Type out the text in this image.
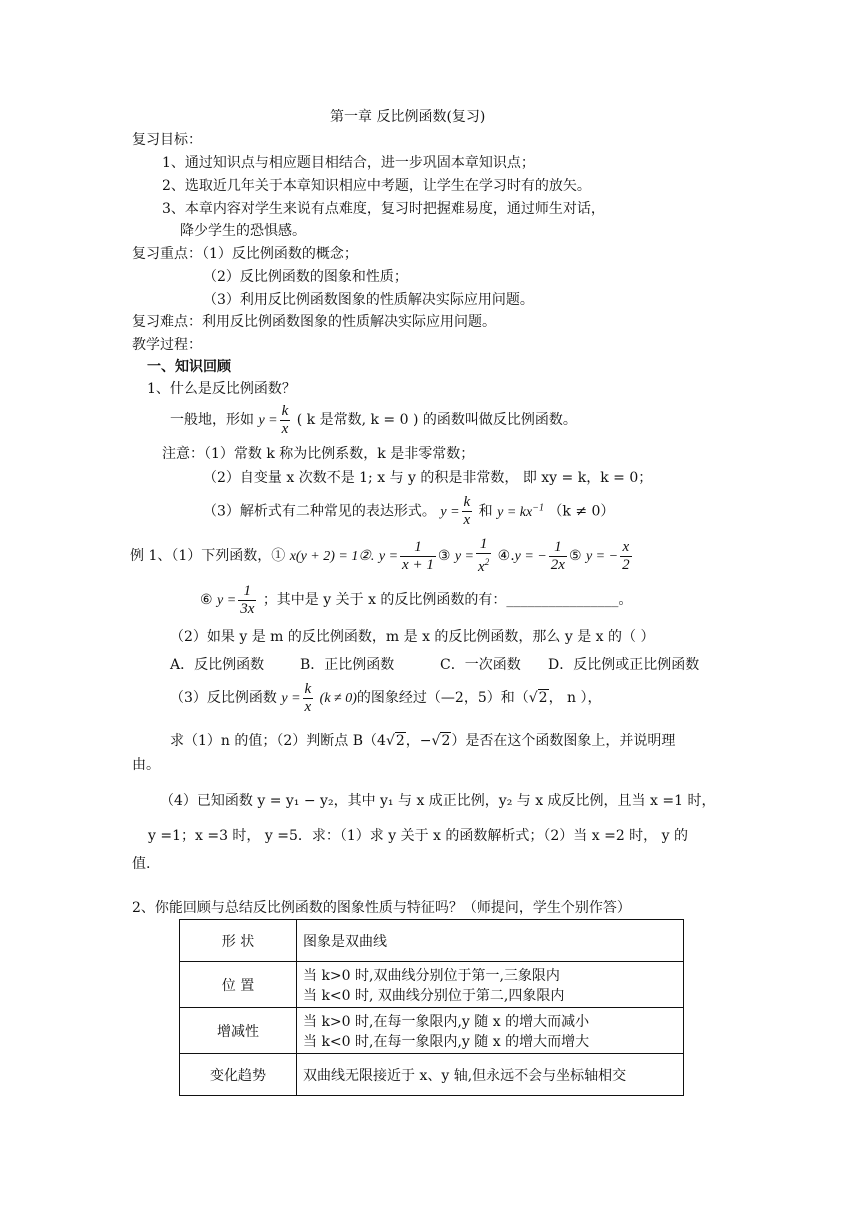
第一章 反比例函数(复习)
复习目标：
1、通过知识点与相应题目相结合，进一步巩固本章知识点；
2、选取近几年关于本章知识相应中考题，让学生在学习时有的放矢。
3、本章内容对学生来说有点难度，复习时把握难易度，通过师生对话，
降少学生的恐惧感。
复习重点：（1）反比例函数的概念；
（2）反比例函数的图象和性质；
（3）利用反比例函数图象的性质解决实际应用问题。
复习难点：利用反比例函数图象的性质解决实际应用问题。
教学过程：
一、知识回顾
1、什么是反比例函数？
一般地，形如 $y = \frac{k}{x}$ ( k 是常数, k = 0 ) 的函数叫做反比例函数。
注意：（1）常数 k 称为比例系数，k 是非零常数；
（2）自变量 x 次数不是 1; x 与 y 的积是非常数， 即 xy = k，k = 0；
（3）解析式有二种常见的表达形式。 $y = \frac{k}{x}$ 和 $y = kx^{-1}$ （k ≠ 0）
例 1、（1）下列函数，① x(y + 2) = 1②. $y = \frac{1}{x + 1}$ ③ $y = \frac{1}{x^2}$ ④.y = − $\frac{1}{2x}$ ⑤ y = − $\frac{x}{2}$
⑥ $y = \frac{1}{3x}$ ；其中是 y 关于 x 的反比例函数的有：________________。
（2）如果 y 是 m 的反比例函数，m 是 x 的反比例函数，那么 y 是 x 的（ ）
A．反比例函数	B．正比例函数	C．一次函数 D．反比例或正比例函数
（3）反比例函数 $y = \frac{k}{x} (k \ne 0)$的图象经过（—2，5）和（√2， n ），
求（1）n 的值；（2）判断点 B（4√2，−√2）是否在这个函数图象上，并说明理
由。
（4）已知函数 y = y₁ − y₂，其中 y₁ 与 x 成正比例，y₂ 与 x 成反比例，且当 x =1 时，
y =1；x =3 时， y =5．求：（1）求 y 关于 x 的函数解析式；（2）当 x =2 时， y 的
值.
2、你能回顾与总结反比例函数的图象性质与特征吗？（师提问，学生个别作答）
形 状	图象是双曲线
位 置	当 k>0 时,双曲线分别位于第一,三象限内
当 k<0 时, 双曲线分别位于第二,四象限内

增减性	当 k>0 时,在每一象限内,y 随 x 的增大而减小
当 k<0 时,在每一象限内,y 随 x 的增大而增大

变化趋势	双曲线无限接近于 x、y 轴,但永远不会与坐标轴相交
